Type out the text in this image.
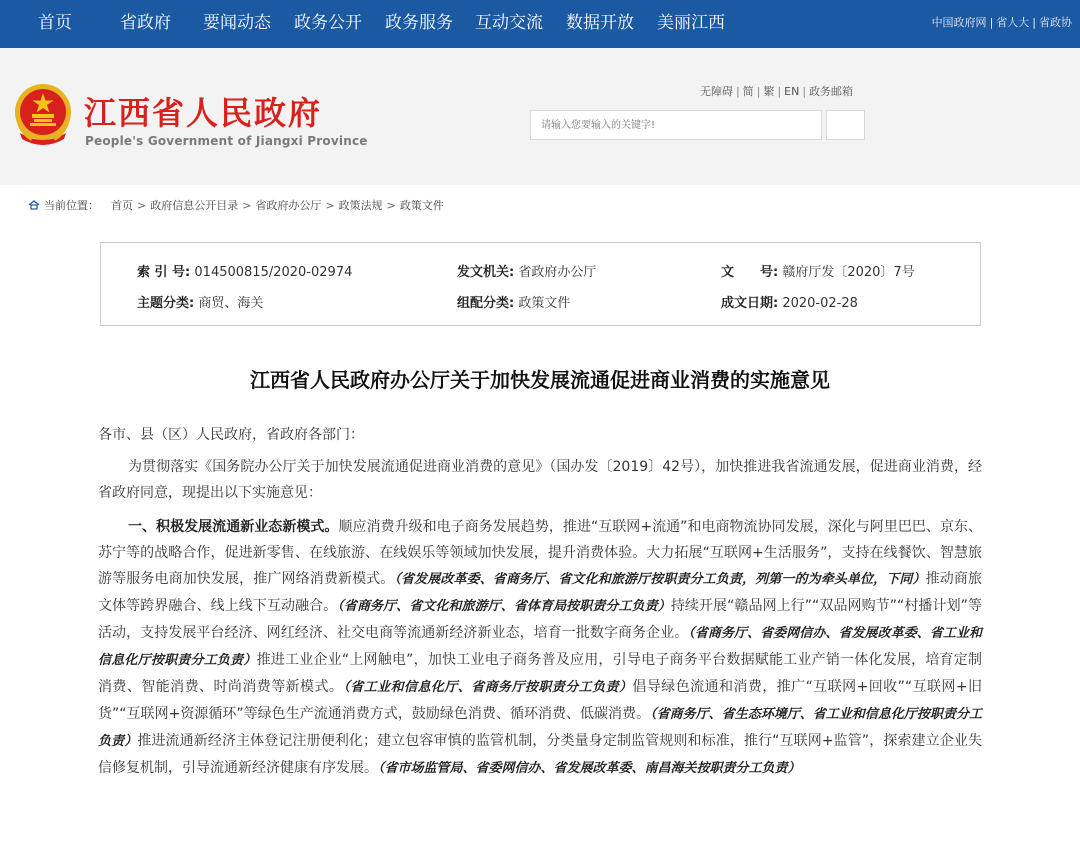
首页	省政府 要闻动态 政务公开 政务服务 互动交流 数据开放 美丽江西	中国政府网 | 省人大 | 省政协
江西省人民政府
People's Government of Jiangxi Province
无障碍 | 简 | 繁 | EN | 政务邮箱
请输入您要输入的关键字!
当前位置： 首页 > 政府信息公开目录 > 省政府办公厅 > 政策法规 > 政策文件
索 引 号: 014500815/2020-02974	发文机关: 省政府办公厅	文　　号: 赣府厅发〔2020〕7号
主题分类: 商贸、海关	组配分类: 政策文件	成文日期: 2020-02-28
江西省人民政府办公厅关于加快发展流通促进商业消费的实施意见

各市、县（区）人民政府，省政府各部门：

为贯彻落实《国务院办公厅关于加快发展流通促进商业消费的意见》（国办发〔2019〕42号），加快推进我省流通发展，促进商业消费，经省政府同意，现提出以下实施意见：

一、积极发展流通新业态新模式。顺应消费升级和电子商务发展趋势，推进“互联网+流通”和电商物流协同发展，深化与阿里巴巴、京东、苏宁等的战略合作，促进新零售、在线旅游、在线娱乐等领域加快发展，提升消费体验。大力拓展“互联网+生活服务”，支持在线餐饮、智慧旅游等服务电商加快发展，推广网络消费新模式。（省发展改革委、省商务厅、省文化和旅游厅按职责分工负责，列第一的为牵头单位，下同）推动商旅文体等跨界融合、线上线下互动融合。（省商务厅、省文化和旅游厅、省体育局按职责分工负责）持续开展“赣品网上行”“双品网购节”“村播计划”等活动，支持发展平台经济、网红经济、社交电商等流通新经济新业态，培育一批数字商务企业。（省商务厅、省委网信办、省发展改革委、省工业和信息化厅按职责分工负责）推进工业企业“上网触电”，加快工业电子商务普及应用，引导电子商务平台数据赋能工业产销一体化发展，培育定制消费、智能消费、时尚消费等新模式。（省工业和信息化厅、省商务厅按职责分工负责）倡导绿色流通和消费，推广“互联网+回收”“互联网+旧货”“互联网+资源循环”等绿色生产流通消费方式，鼓励绿色消费、循环消费、低碳消费。（省商务厅、省生态环境厅、省工业和信息化厅按职责分工负责）推进流通新经济主体登记注册便利化；建立包容审慎的监管机制，分类量身定制监管规则和标准，推行“互联网+监管”，探索建立企业失信修复机制，引导流通新经济健康有序发展。（省市场监管局、省委网信办、省发展改革委、南昌海关按职责分工负责）
